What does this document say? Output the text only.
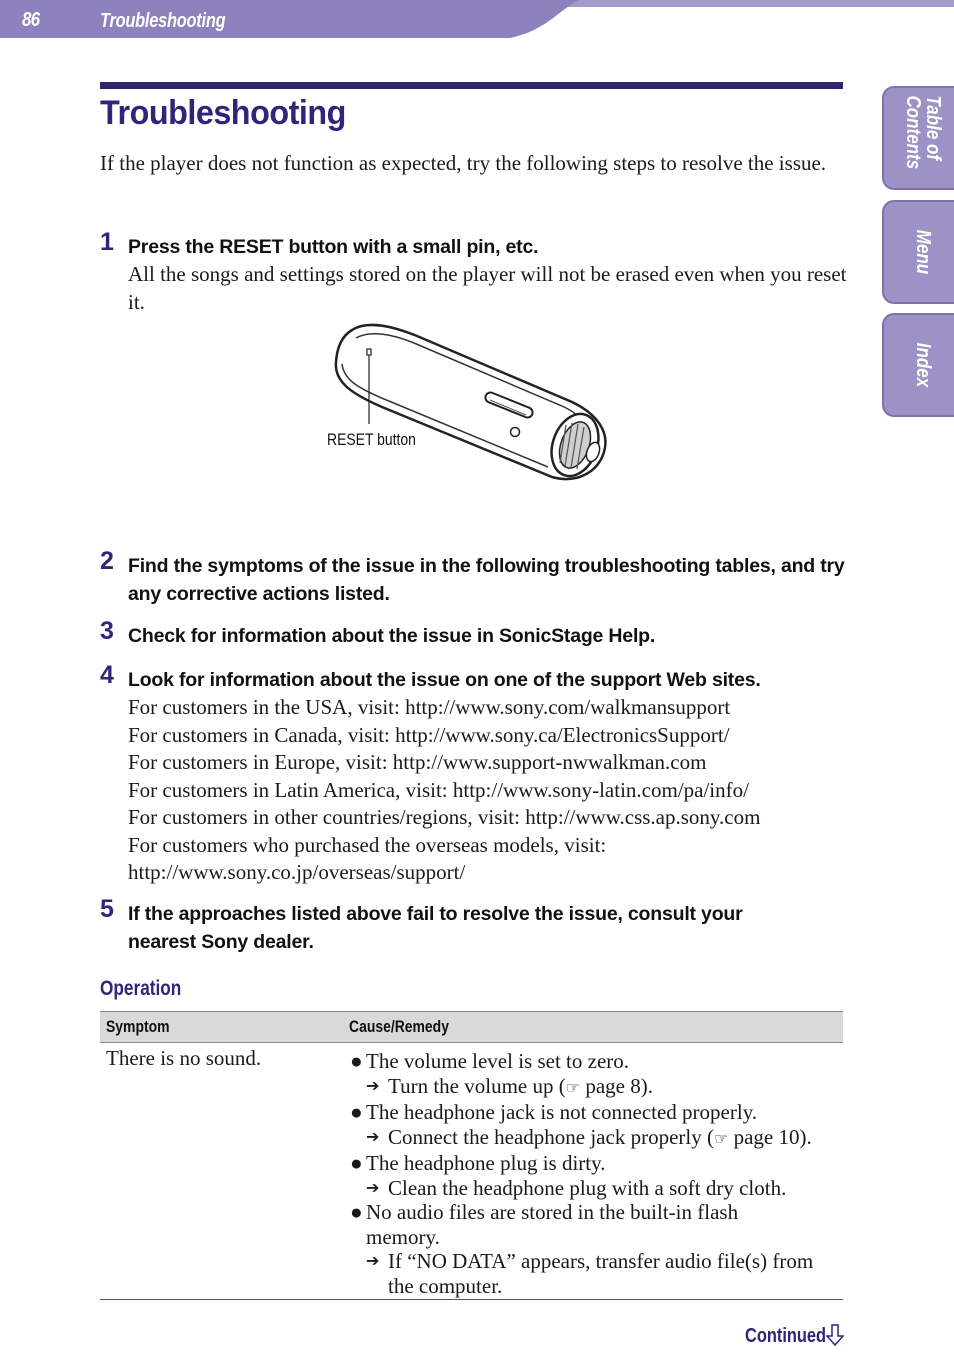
86	Troubleshooting
Table of Contents
Menu
Index
Troubleshooting

If the player does not function as expected, try the following steps to resolve the issue.

1 Press the RESET button with a small pin, etc.
All the songs and settings stored on the player will not be erased even when you reset it.
RESET button
2 Find the symptoms of the issue in the following troubleshooting tables, and try any corrective actions listed.
3 Check for information about the issue in SonicStage Help.
4 Look for information about the issue on one of the support Web sites.
For customers in the USA, visit: http://www.sony.com/walkmansupport
For customers in Canada, visit: http://www.sony.ca/ElectronicsSupport/
For customers in Europe, visit: http://www.support-nwwalkman.com
For customers in Latin America, visit: http://www.sony-latin.com/pa/info/
For customers in other countries/regions, visit: http://www.css.ap.sony.com
For customers who purchased the overseas models, visit:
http://www.sony.co.jp/overseas/support/
5 If the approaches listed above fail to resolve the issue, consult your nearest Sony dealer.
Operation
Symptom	Cause/Remedy
There is no sound.	● The volume level is set to zero.
➔ Turn the volume up (☞ page 8).
● The headphone jack is not connected properly.
➔ Connect the headphone jack properly (☞ page 10).
● The headphone plug is dirty.
➔ Clean the headphone plug with a soft dry cloth.
● No audio files are stored in the built-in flash memory.
➔ If “NO DATA” appears, transfer audio file(s) from the computer.
Continued
